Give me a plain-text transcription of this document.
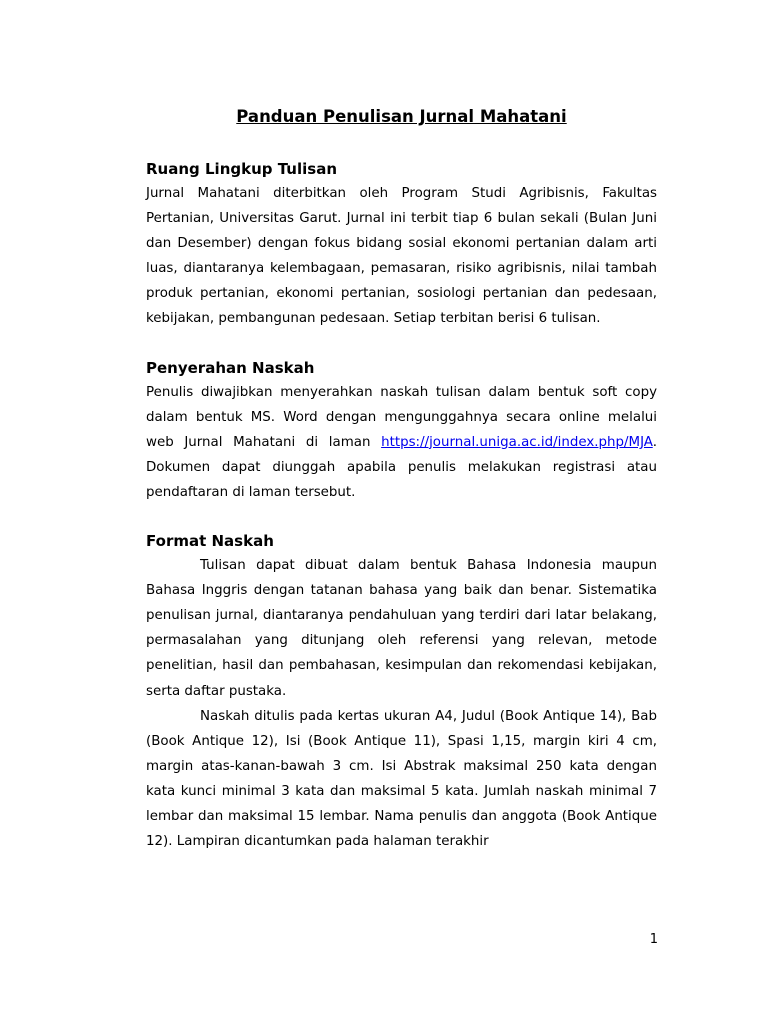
Panduan Penulisan Jurnal Mahatani
Ruang Lingkup Tulisan

Jurnal Mahatani diterbitkan oleh Program Studi Agribisnis, Fakultas Pertanian, Universitas Garut. Jurnal ini terbit tiap 6 bulan sekali (Bulan Juni dan Desember) dengan fokus bidang sosial ekonomi pertanian dalam arti luas, diantaranya kelembagaan, pemasaran, risiko agribisnis, nilai tambah produk pertanian, ekonomi pertanian, sosiologi pertanian dan pedesaan, kebijakan, pembangunan pedesaan. Setiap terbitan berisi 6 tulisan.

Penyerahan Naskah

Penulis diwajibkan menyerahkan naskah tulisan dalam bentuk soft copy dalam bentuk MS. Word dengan mengunggahnya secara online melalui web Jurnal Mahatani di laman https://journal.uniga.ac.id/index.php/MJA. Dokumen dapat diunggah apabila penulis melakukan registrasi atau pendaftaran di laman tersebut.

Format Naskah

Tulisan dapat dibuat dalam bentuk Bahasa Indonesia maupun Bahasa Inggris dengan tatanan bahasa yang baik dan benar. Sistematika penulisan jurnal, diantaranya pendahuluan yang terdiri dari latar belakang, permasalahan yang ditunjang oleh referensi yang relevan, metode penelitian, hasil dan pembahasan, kesimpulan dan rekomendasi kebijakan, serta daftar pustaka.

Naskah ditulis pada kertas ukuran A4, Judul (Book Antique 14), Bab (Book Antique 12), Isi (Book Antique 11), Spasi 1,15, margin kiri 4 cm, margin atas-kanan-bawah 3 cm. Isi Abstrak maksimal 250 kata dengan kata kunci minimal 3 kata dan maksimal 5 kata. Jumlah naskah minimal 7 lembar dan maksimal 15 lembar. Nama penulis dan anggota (Book Antique 12). Lampiran dicantumkan pada halaman terakhir

1
